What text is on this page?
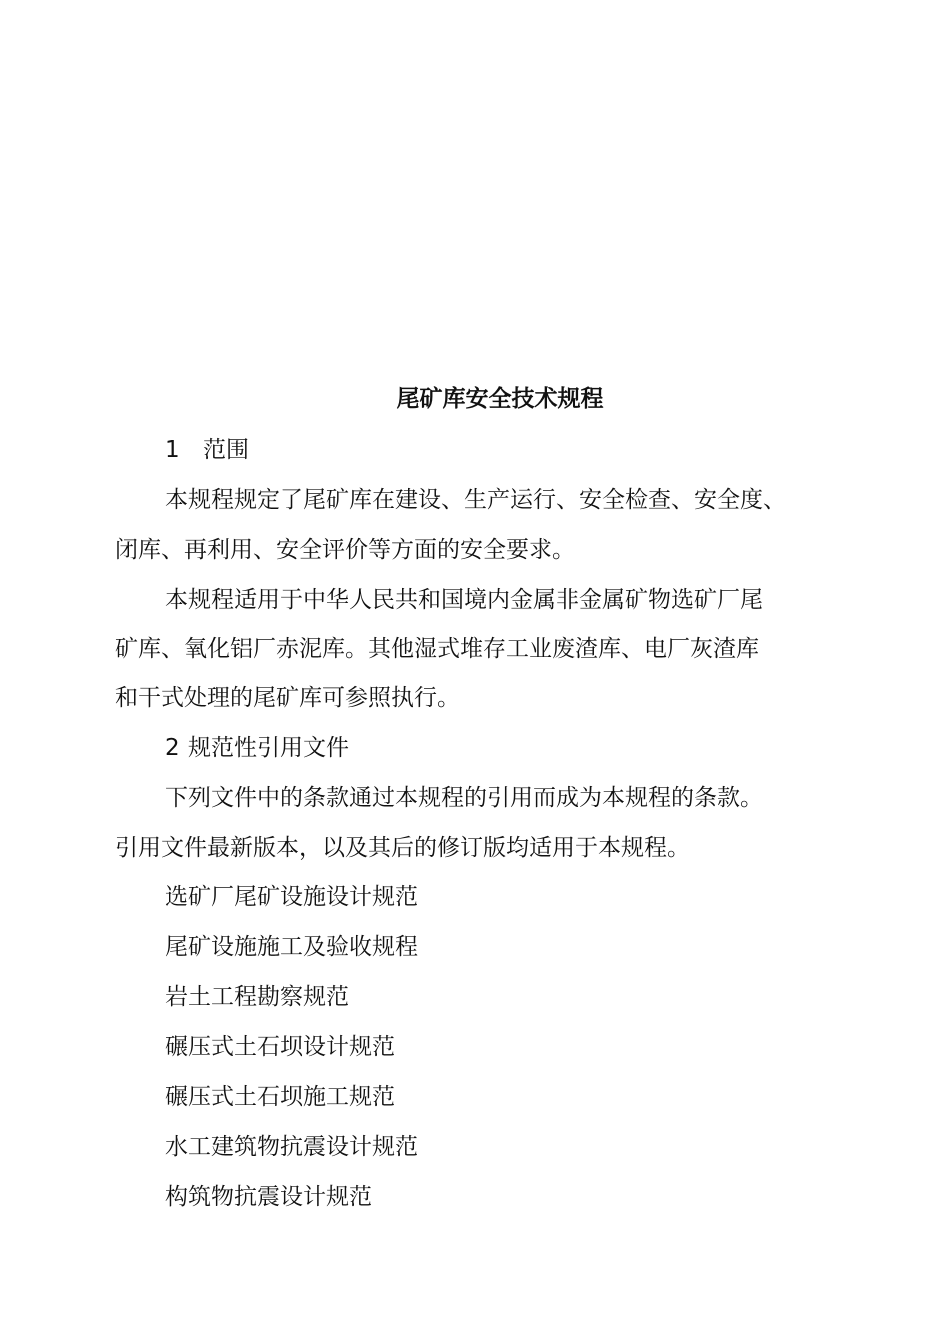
尾矿库安全技术规程
1 范围
本规程规定了尾矿库在建设、生产运行、安全检查、安全度、
闭库、再利用、安全评价等方面的安全要求。
本规程适用于中华人民共和国境内金属非金属矿物选矿厂尾
矿库、氧化铝厂赤泥库。其他湿式堆存工业废渣库、电厂灰渣库
和干式处理的尾矿库可参照执行。
2 规范性引用文件
下列文件中的条款通过本规程的引用而成为本规程的条款。
引用文件最新版本，以及其后的修订版均适用于本规程。
选矿厂尾矿设施设计规范
尾矿设施施工及验收规程
岩土工程勘察规范
碾压式土石坝设计规范
碾压式土石坝施工规范
水工建筑物抗震设计规范
构筑物抗震设计规范
